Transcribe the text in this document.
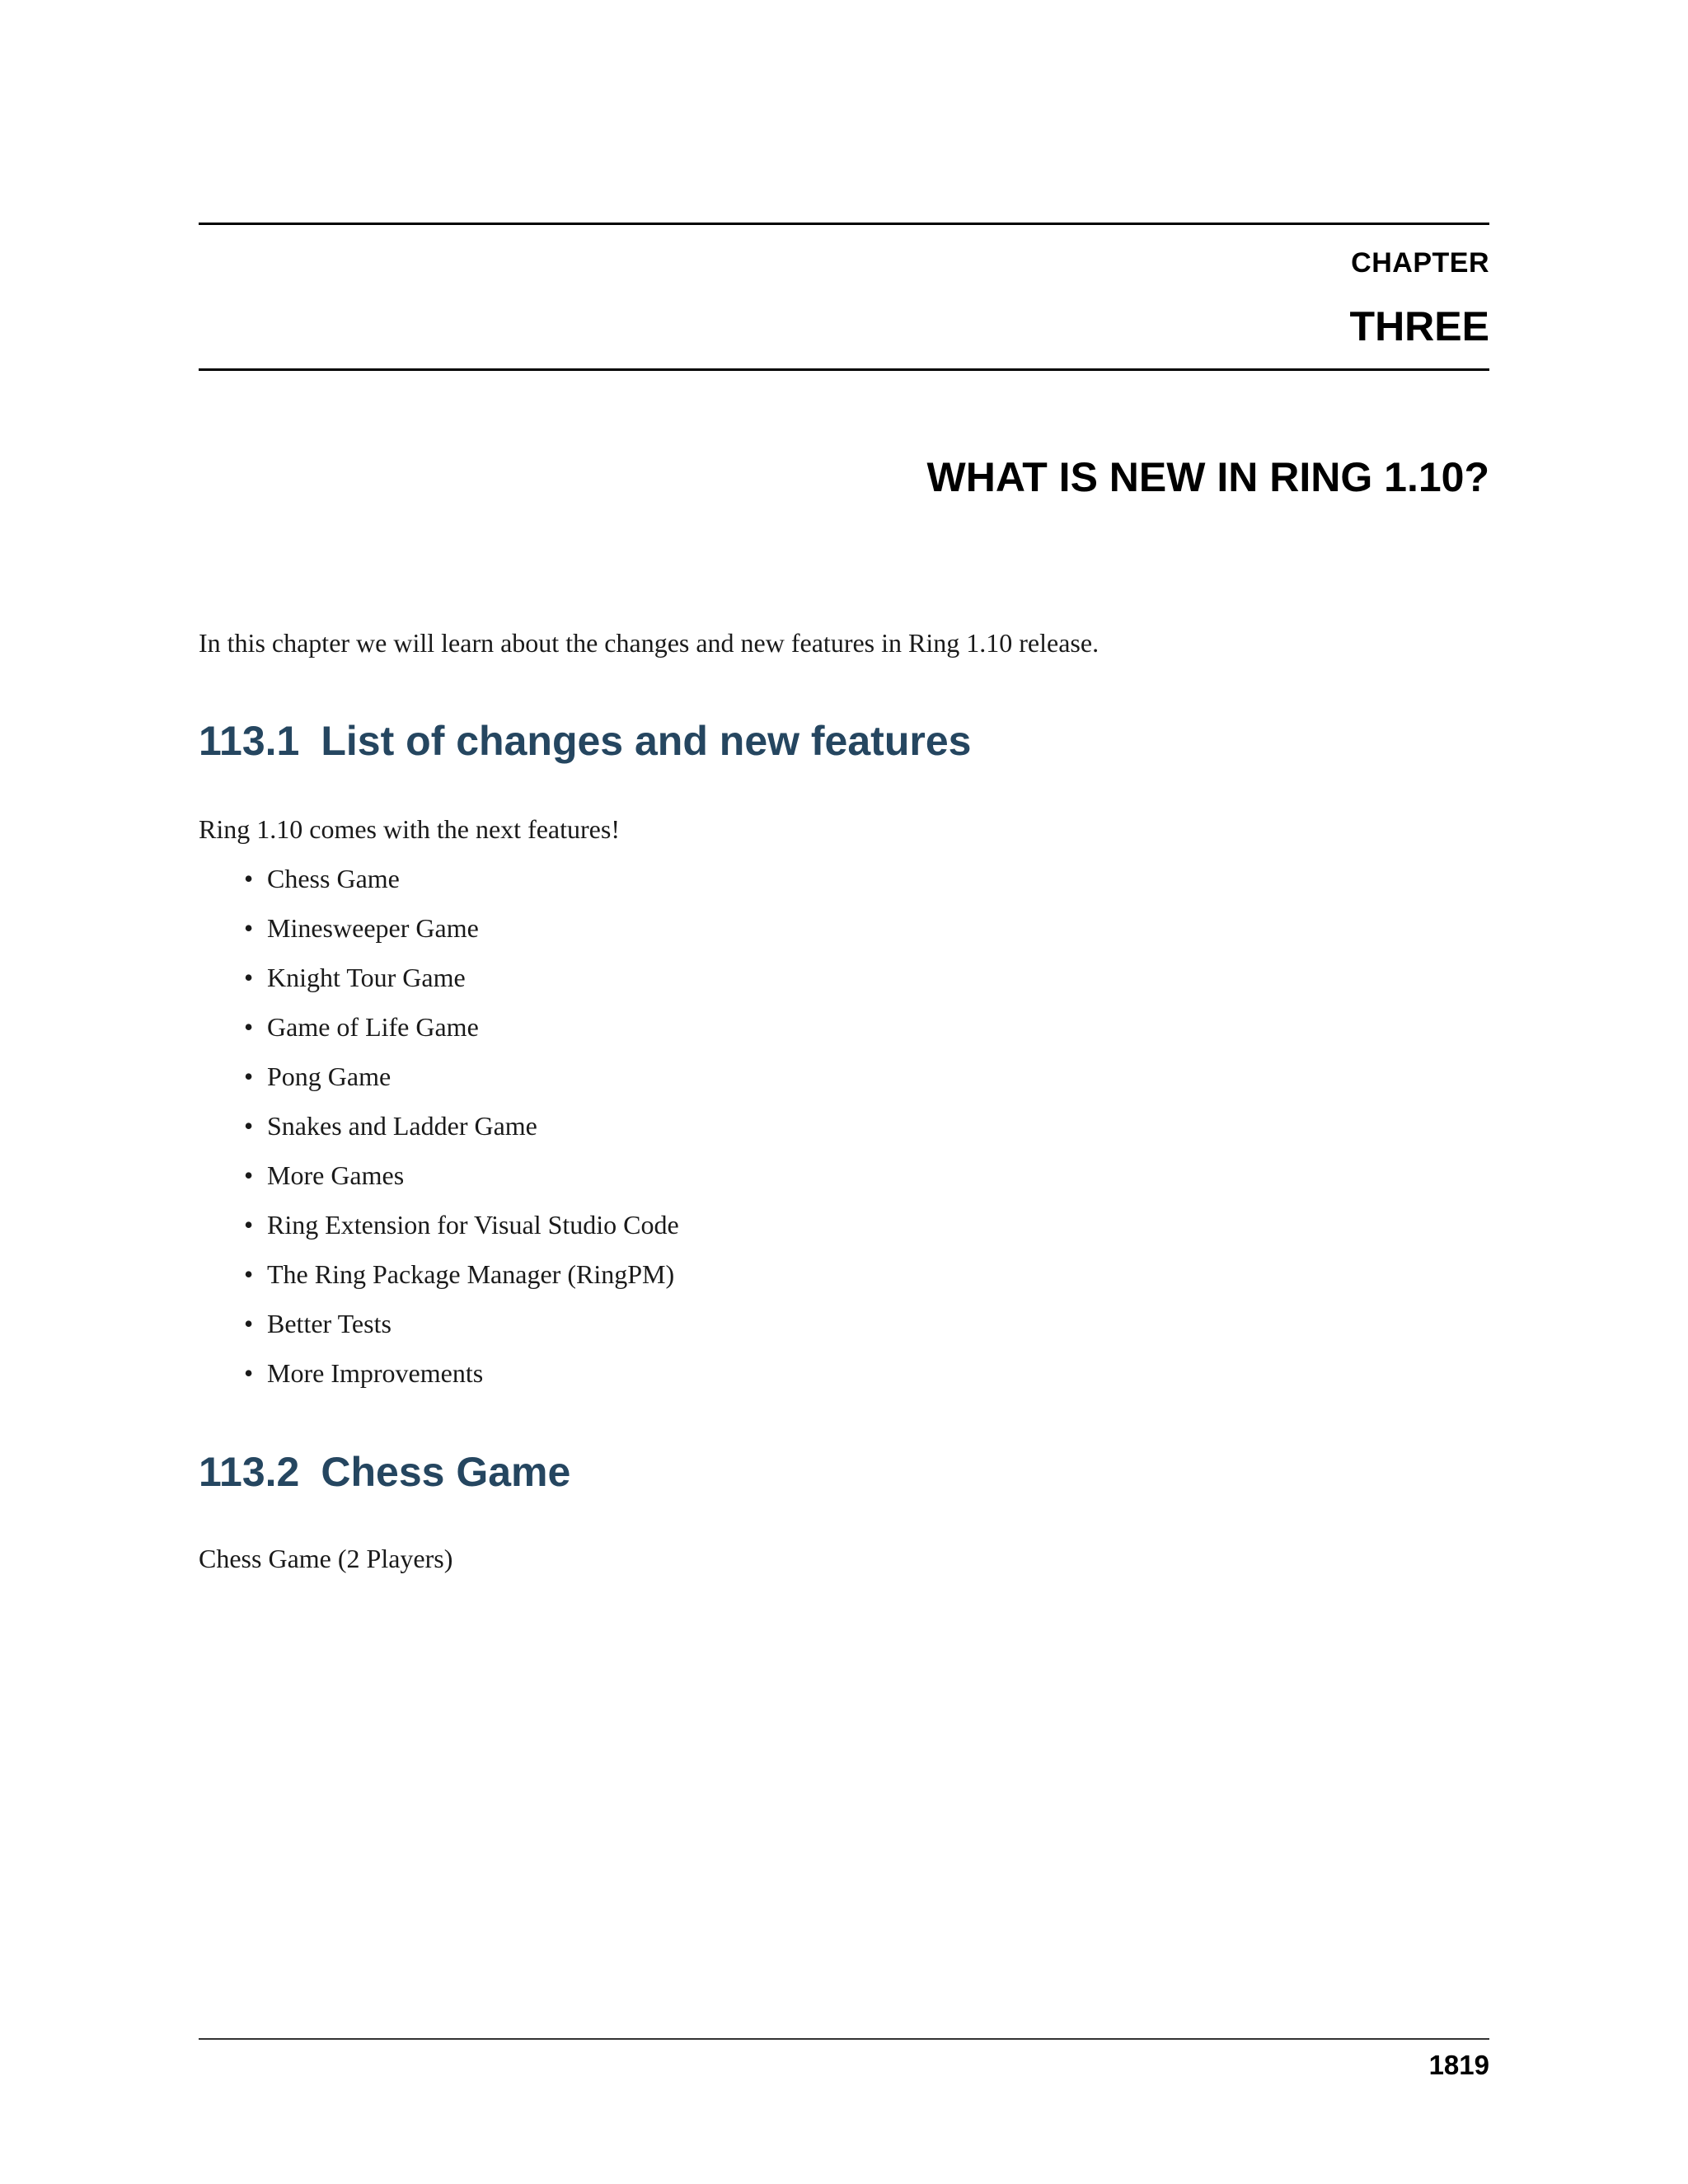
CHAPTER
THREE
WHAT IS NEW IN RING 1.10?
In this chapter we will learn about the changes and new features in Ring 1.10 release.
113.1 List of changes and new features
Ring 1.10 comes with the next features!
• Chess Game
• Minesweeper Game
• Knight Tour Game
• Game of Life Game
• Pong Game
• Snakes and Ladder Game
• More Games
• Ring Extension for Visual Studio Code
• The Ring Package Manager (RingPM)
• Better Tests
• More Improvements
113.2 Chess Game
Chess Game (2 Players)
1819
